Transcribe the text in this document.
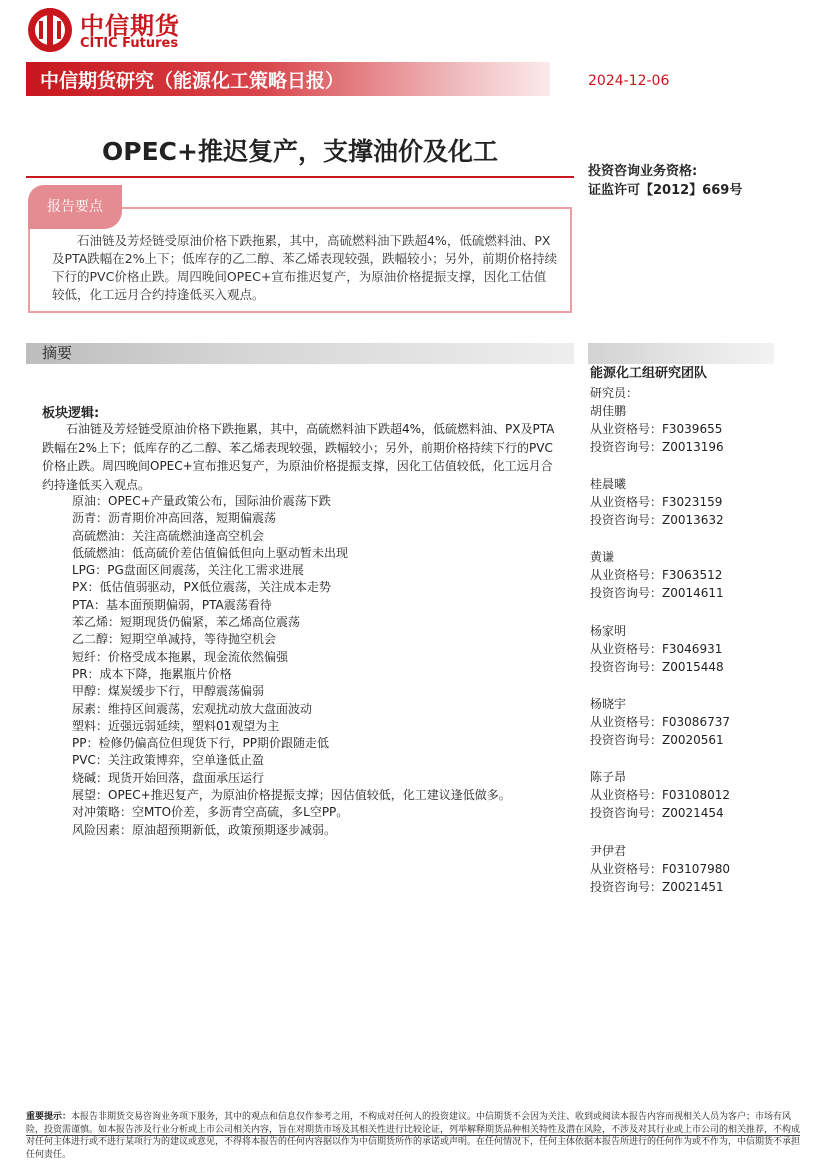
中信期货
CITIC Futures
中信期货研究（能源化工策略日报）	2024-12-06
OPEC+推迟复产，支撑油价及化工
投资咨询业务资格:
证监许可【2012】669号
报告要点
石油链及芳烃链受原油价格下跌拖累，其中，高硫燃料油下跌超4%，低硫燃料油、PX及PTA跌幅在2%上下；低库存的乙二醇、苯乙烯表现较强，跌幅较小；另外，前期价格持续下行的PVC价格止跌。周四晚间OPEC+宣布推迟复产，为原油价格提振支撑，因化工估值较低，化工远月合约持逢低买入观点。
摘要
板块逻辑:
石油链及芳烃链受原油价格下跌拖累，其中，高硫燃料油下跌超4%，低硫燃料油、PX及PTA跌幅在2%上下；低库存的乙二醇、苯乙烯表现较强，跌幅较小；另外，前期价格持续下行的PVC价格止跌。周四晚间OPEC+宣布推迟复产，为原油价格提振支撑，因化工估值较低，化工远月合约持逢低买入观点。
原油：OPEC+产量政策公布，国际油价震荡下跌
沥青：沥青期价冲高回落，短期偏震荡
高硫燃油：关注高硫燃油逢高空机会
低硫燃油：低高硫价差估值偏低但向上驱动暂未出现
LPG：PG盘面区间震荡，关注化工需求进展
PX：低估值弱驱动，PX低位震荡，关注成本走势
PTA：基本面预期偏弱，PTA震荡看待
苯乙烯：短期现货仍偏紧，苯乙烯高位震荡
乙二醇：短期空单减持，等待抛空机会
短纤：价格受成本拖累，现金流依然偏强
PR：成本下降，拖累瓶片价格
甲醇：煤炭缓步下行，甲醇震荡偏弱
尿素：维持区间震荡，宏观扰动放大盘面波动
塑料：近强远弱延续，塑料01观望为主
PP：检修仍偏高位但现货下行，PP期价跟随走低
PVC：关注政策博弈，空单逢低止盈
烧碱：现货开始回落，盘面承压运行
展望：OPEC+推迟复产，为原油价格提振支撑；因估值较低，化工建议逢低做多。
对冲策略：空MTO价差，多沥青空高硫，多L空PP。
风险因素：原油超预期新低，政策预期逐步减弱。
能源化工组研究团队
研究员：
胡佳鹏
从业资格号：F3039655
投资咨询号：Z0013196
桂晨曦
从业资格号：F3023159
投资咨询号：Z0013632
黄谦
从业资格号：F3063512
投资咨询号：Z0014611
杨家明
从业资格号：F3046931
投资咨询号：Z0015448
杨晓宇
从业资格号：F03086737
投资咨询号：Z0020561
陈子昂
从业资格号：F03108012
投资咨询号：Z0021454
尹伊君
从业资格号：F03107980
投资咨询号：Z0021451
重要提示：本报告非期货交易咨询业务项下服务，其中的观点和信息仅作参考之用，不构成对任何人的投资建议。中信期货不会因为关注、收到或阅读本报告内容而视相关人员为客户；市场有风险，投资需谨慎。如本报告涉及行业分析或上市公司相关内容，旨在对期货市场及其相关性进行比较论证，列举解释期货品种相关特性及潜在风险，不涉及对其行业或上市公司的相关推荐，不构成对任何主体进行或不进行某项行为的建议或意见，不得将本报告的任何内容据以作为中信期货所作的承诺或声明。在任何情况下，任何主体依据本报告所进行的任何作为或不作为，中信期货不承担任何责任。
